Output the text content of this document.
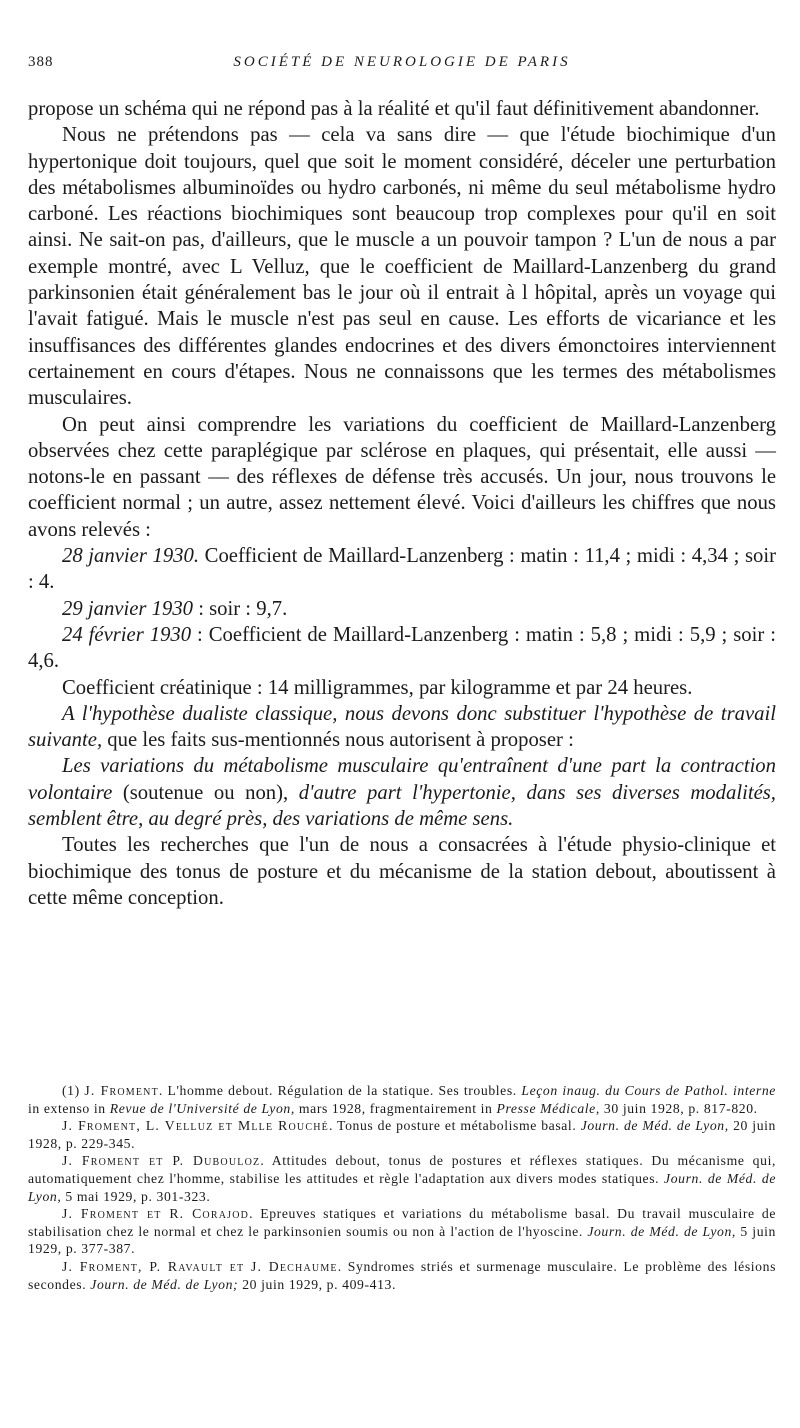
388	SOCIÉTÉ DE NEUROLOGIE DE PARIS

propose un schéma qui ne répond pas à la réalité et qu'il faut définitivement abandonner.

Nous ne prétendons pas — cela va sans dire — que l'étude biochimique d'un hypertonique doit toujours, quel que soit le moment considéré, déceler une perturbation des métabolismes albuminoïdes ou hydro carbonés, ni même du seul métabolisme hydro carboné. Les réactions biochimiques sont beaucoup trop complexes pour qu'il en soit ainsi. Ne sait-on pas, d'ailleurs, que le muscle a un pouvoir tampon ? L'un de nous a par exemple montré, avec L Velluz, que le coefficient de Maillard-Lanzenberg du grand parkinsonien était généralement bas le jour où il entrait à l hôpital, après un voyage qui l'avait fatigué. Mais le muscle n'est pas seul en cause. Les efforts de vicariance et les insuffisances des différentes glandes endocrines et des divers émonctoires interviennent certainement en cours d'étapes. Nous ne connaissons que les termes des métabolismes musculaires.

On peut ainsi comprendre les variations du coefficient de Maillard-Lanzenberg observées chez cette paraplégique par sclérose en plaques, qui présentait, elle aussi — notons-le en passant — des réflexes de défense très accusés. Un jour, nous trouvons le coefficient normal ; un autre, assez nettement élevé. Voici d'ailleurs les chiffres que nous avons relevés :

28 janvier 1930. Coefficient de Maillard-Lanzenberg : matin : 11,4 ; midi : 4,34 ; soir : 4.

29 janvier 1930 : soir : 9,7.

24 février 1930 : Coefficient de Maillard-Lanzenberg : matin : 5,8 ; midi : 5,9 ; soir : 4,6.

Coefficient créatinique : 14 milligrammes, par kilogramme et par 24 heures.

A l'hypothèse dualiste classique, nous devons donc substituer l'hypothèse de travail suivante, que les faits sus-mentionnés nous autorisent à proposer :

Les variations du métabolisme musculaire qu'entraînent d'une part la contraction volontaire (soutenue ou non), d'autre part l'hypertonie, dans ses diverses modalités, semblent être, au degré près, des variations de même sens.

Toutes les recherches que l'un de nous a consacrées à l'étude physio-clinique et biochimique des tonus de posture et du mécanisme de la station debout, aboutissent à cette même conception.

(1) J. Froment. L'homme debout. Régulation de la statique. Ses troubles. Leçon inaug. du Cours de Pathol. interne in extenso in Revue de l'Université de Lyon, mars 1928, fragmentairement in Presse Médicale, 30 juin 1928, p. 817-820.

J. Froment, L. Velluz et Mlle Rouché. Tonus de posture et métabolisme basal. Journ. de Méd. de Lyon, 20 juin 1928, p. 229-345.

J. Froment et P. Dubouloz. Attitudes debout, tonus de postures et réflexes statiques. Du mécanisme qui, automatiquement chez l'homme, stabilise les attitudes et règle l'adaptation aux divers modes statiques. Journ. de Méd. de Lyon, 5 mai 1929, p. 301-323.

J. Froment et R. Corajod. Epreuves statiques et variations du métabolisme basal. Du travail musculaire de stabilisation chez le normal et chez le parkinsonien soumis ou non à l'action de l'hyoscine. Journ. de Méd. de Lyon, 5 juin 1929, p. 377-387.

J. Froment, P. Ravault et J. Dechaume. Syndromes striés et surmenage musculaire. Le problème des lésions secondes. Journ. de Méd. de Lyon; 20 juin 1929, p. 409-413.
